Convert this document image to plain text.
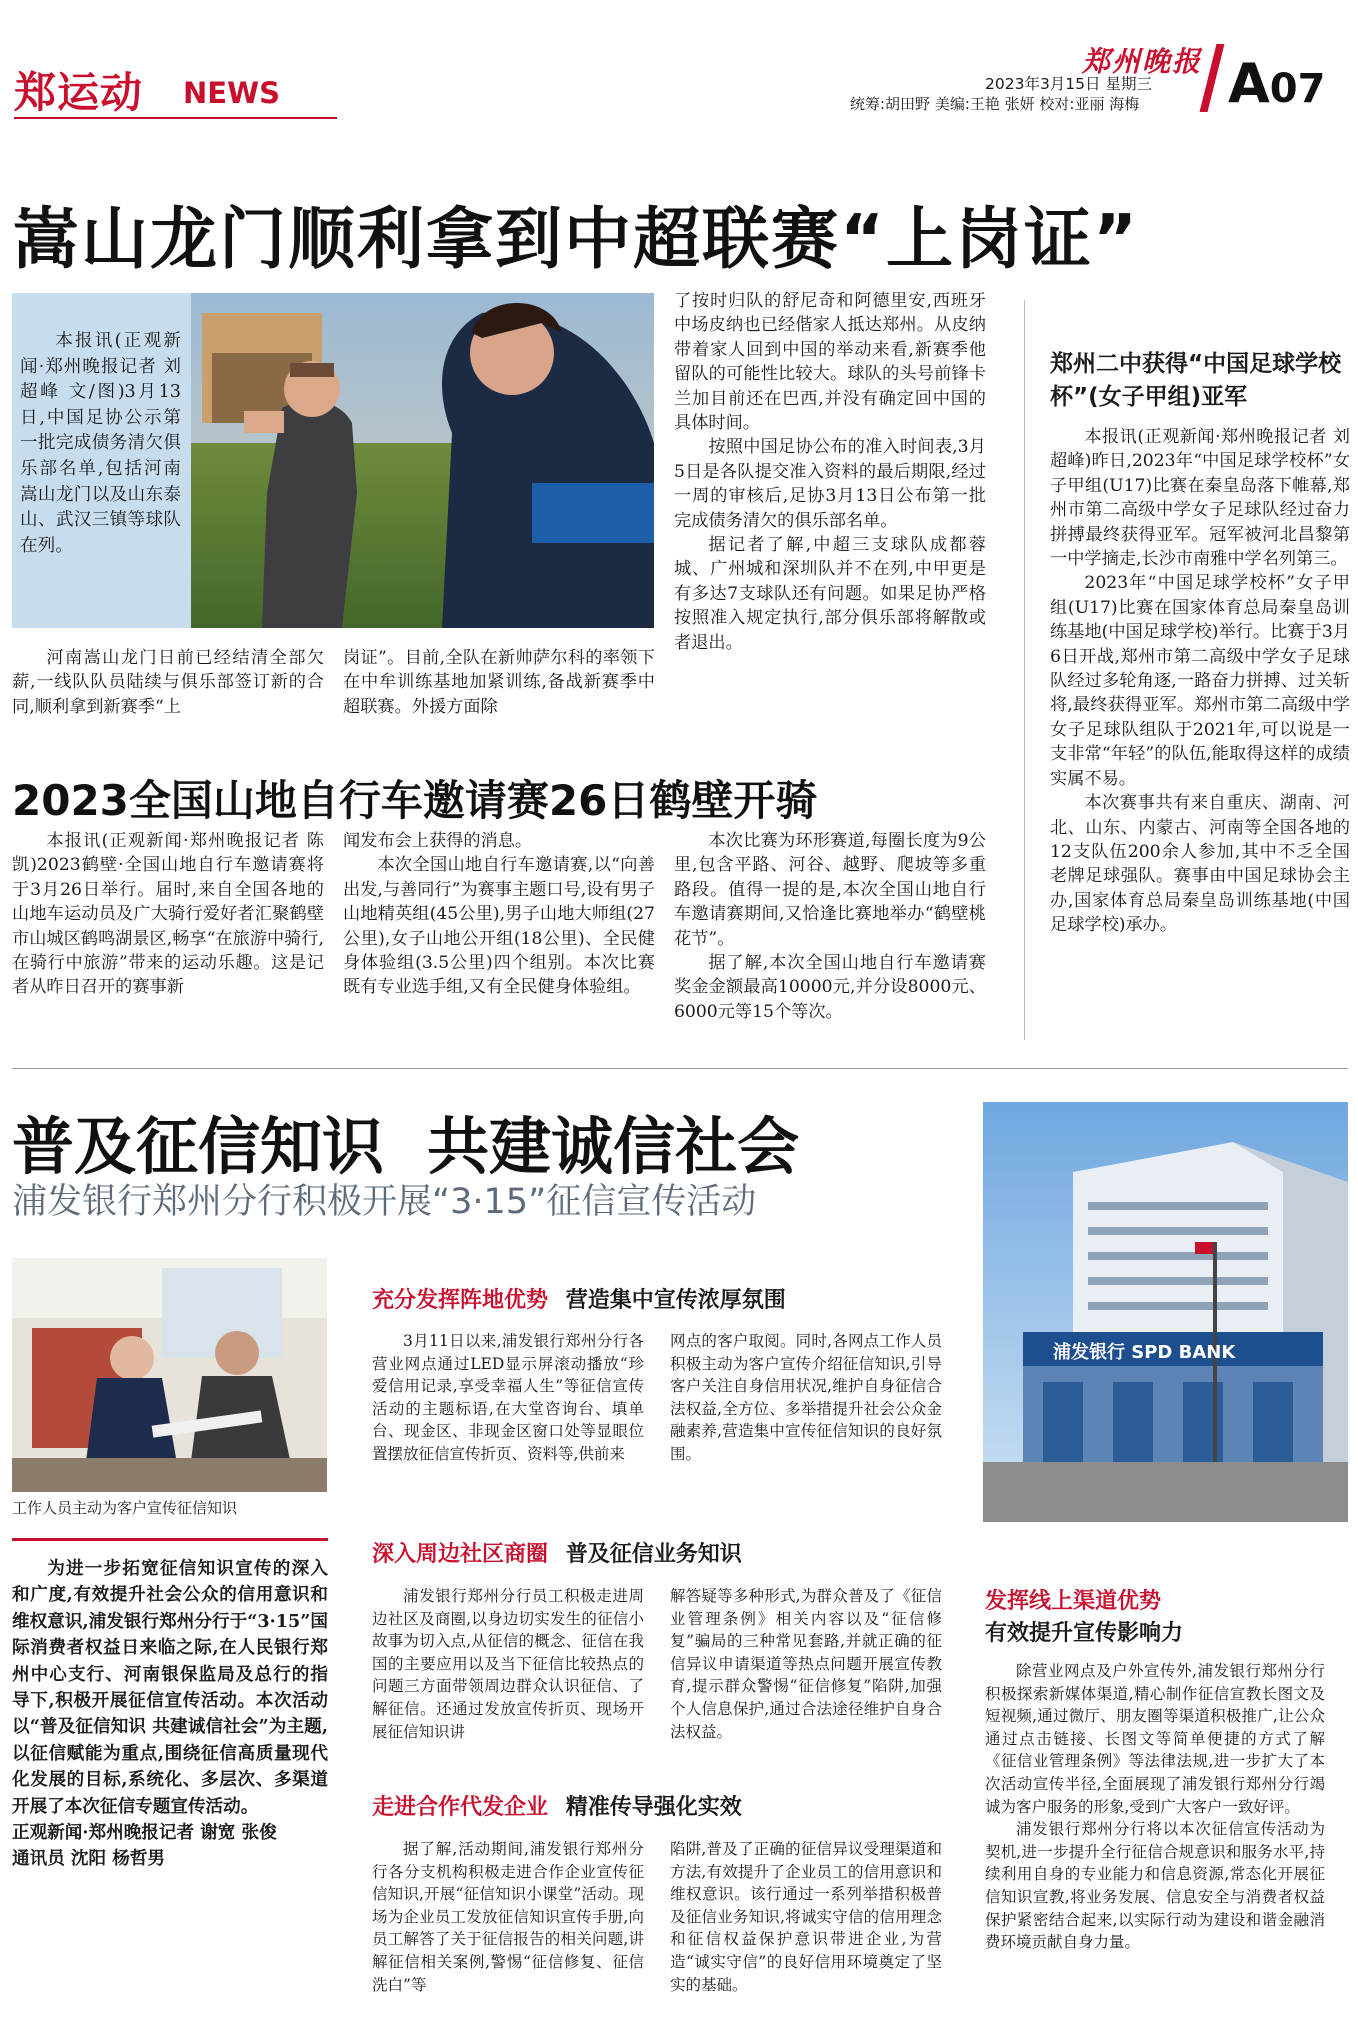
郑运动 NEWS
郑州晚报
2023年3月15日 星期三
统筹:胡田野 美编:王艳 张妍 校对:亚丽 海梅 A07
嵩山龙门顺利拿到中超联赛“上岗证”

本报讯(正观新闻·郑州晚报记者 刘超峰 文/图)3月13日,中国足协公示第一批完成债务清欠俱乐部名单,包括河南嵩山龙门以及山东泰山、武汉三镇等球队在列。

河南嵩山龙门日前已经结清全部欠薪,一线队队员陆续与俱乐部签订新的合同,顺利拿到新赛季“上

岗证”。目前,全队在新帅萨尔科的率领下在中牟训练基地加紧训练,备战新赛季中超联赛。外援方面除

了按时归队的舒尼奇和阿德里安,西班牙中场皮纳也已经偕家人抵达郑州。从皮纳带着家人回到中国的举动来看,新赛季他留队的可能性比较大。球队的头号前锋卡兰加目前还在巴西,并没有确定回中国的具体时间。

按照中国足协公布的准入时间表,3月5日是各队提交准入资料的最后期限,经过一周的审核后,足协3月13日公布第一批完成债务清欠的俱乐部名单。

据记者了解,中超三支球队成都蓉城、广州城和深圳队并不在列,中甲更是有多达7支球队还有问题。如果足协严格按照准入规定执行,部分俱乐部将解散或者退出。

郑州二中获得“中国足球学校杯”(女子甲组)亚军

本报讯(正观新闻·郑州晚报记者 刘超峰)昨日,2023年“中国足球学校杯”女子甲组(U17)比赛在秦皇岛落下帷幕,郑州市第二高级中学女子足球队经过奋力拼搏最终获得亚军。冠军被河北昌黎第一中学摘走,长沙市南雅中学名列第三。

2023年“中国足球学校杯”女子甲组(U17)比赛在国家体育总局秦皇岛训练基地(中国足球学校)举行。比赛于3月6日开战,郑州市第二高级中学女子足球队经过多轮角逐,一路奋力拼搏、过关斩将,最终获得亚军。郑州市第二高级中学女子足球队组队于2021年,可以说是一支非常“年轻”的队伍,能取得这样的成绩实属不易。

本次赛事共有来自重庆、湖南、河北、山东、内蒙古、河南等全国各地的12支队伍200余人参加,其中不乏全国老牌足球强队。赛事由中国足球协会主办,国家体育总局秦皇岛训练基地(中国足球学校)承办。

2023全国山地自行车邀请赛26日鹤壁开骑

本报讯(正观新闻·郑州晚报记者 陈凯)2023鹤壁·全国山地自行车邀请赛将于3月26日举行。届时,来自全国各地的山地车运动员及广大骑行爱好者汇聚鹤壁市山城区鹤鸣湖景区,畅享“在旅游中骑行,在骑行中旅游”带来的运动乐趣。这是记者从昨日召开的赛事新

闻发布会上获得的消息。

本次全国山地自行车邀请赛,以“向善出发,与善同行”为赛事主题口号,设有男子山地精英组(45公里),男子山地大师组(27公里),女子山地公开组(18公里)、全民健身体验组(3.5公里)四个组别。本次比赛既有专业选手组,又有全民健身体验组。

本次比赛为环形赛道,每圈长度为9公里,包含平路、河谷、越野、爬坡等多重路段。值得一提的是,本次全国山地自行车邀请赛期间,又恰逢比赛地举办“鹤壁桃花节”。

据了解,本次全国山地自行车邀请赛奖金金额最高10000元,并分设8000元、6000元等15个等次。

普及征信知识  共建诚信社会
浦发银行郑州分行积极开展“3·15”征信宣传活动
浦发银行 SPD BANK
工作人员主动为客户宣传征信知识

为进一步拓宽征信知识宣传的深入和广度,有效提升社会公众的信用意识和维权意识,浦发银行郑州分行于“3·15”国际消费者权益日来临之际,在人民银行郑州中心支行、河南银保监局及总行的指导下,积极开展征信宣传活动。本次活动以“普及征信知识 共建诚信社会”为主题,以征信赋能为重点,围绕征信高质量现代化发展的目标,系统化、多层次、多渠道开展了本次征信专题宣传活动。

正观新闻·郑州晚报记者 谢宽 张俊

通讯员 沈阳 杨哲男

充分发挥阵地优势 营造集中宣传浓厚氛围

3月11日以来,浦发银行郑州分行各营业网点通过LED显示屏滚动播放“珍爱信用记录,享受幸福人生”等征信宣传活动的主题标语,在大堂咨询台、填单台、现金区、非现金区窗口处等显眼位置摆放征信宣传折页、资料等,供前来

网点的客户取阅。同时,各网点工作人员积极主动为客户宣传介绍征信知识,引导客户关注自身信用状况,维护自身征信合法权益,全方位、多举措提升社会公众金融素养,营造集中宣传征信知识的良好氛围。

深入周边社区商圈 普及征信业务知识

浦发银行郑州分行员工积极走进周边社区及商圈,以身边切实发生的征信小故事为切入点,从征信的概念、征信在我国的主要应用以及当下征信比较热点的问题三方面带领周边群众认识征信、了解征信。还通过发放宣传折页、现场开展征信知识讲

解答疑等多种形式,为群众普及了《征信业管理条例》相关内容以及“征信修复”骗局的三种常见套路,并就正确的征信异议申请渠道等热点问题开展宣传教育,提示群众警惕“征信修复”陷阱,加强个人信息保护,通过合法途径维护自身合法权益。

走进合作代发企业 精准传导强化实效

据了解,活动期间,浦发银行郑州分行各分支机构积极走进合作企业宣传征信知识,开展“征信知识小课堂”活动。现场为企业员工发放征信知识宣传手册,向员工解答了关于征信报告的相关问题,讲解征信相关案例,警惕“征信修复、征信洗白”等

陷阱,普及了正确的征信异议受理渠道和方法,有效提升了企业员工的信用意识和维权意识。该行通过一系列举措积极普及征信业务知识,将诚实守信的信用理念和征信权益保护意识带进企业,为营造“诚实守信”的良好信用环境奠定了坚实的基础。

发挥线上渠道优势
有效提升宣传影响力

除营业网点及户外宣传外,浦发银行郑州分行积极探索新媒体渠道,精心制作征信宣教长图文及短视频,通过微厅、朋友圈等渠道积极推广,让公众通过点击链接、长图文等简单便捷的方式了解《征信业管理条例》等法律法规,进一步扩大了本次活动宣传半径,全面展现了浦发银行郑州分行竭诚为客户服务的形象,受到广大客户一致好评。

浦发银行郑州分行将以本次征信宣传活动为契机,进一步提升全行征信合规意识和服务水平,持续利用自身的专业能力和信息资源,常态化开展征信知识宣教,将业务发展、信息安全与消费者权益保护紧密结合起来,以实际行动为建设和谐金融消费环境贡献自身力量。
